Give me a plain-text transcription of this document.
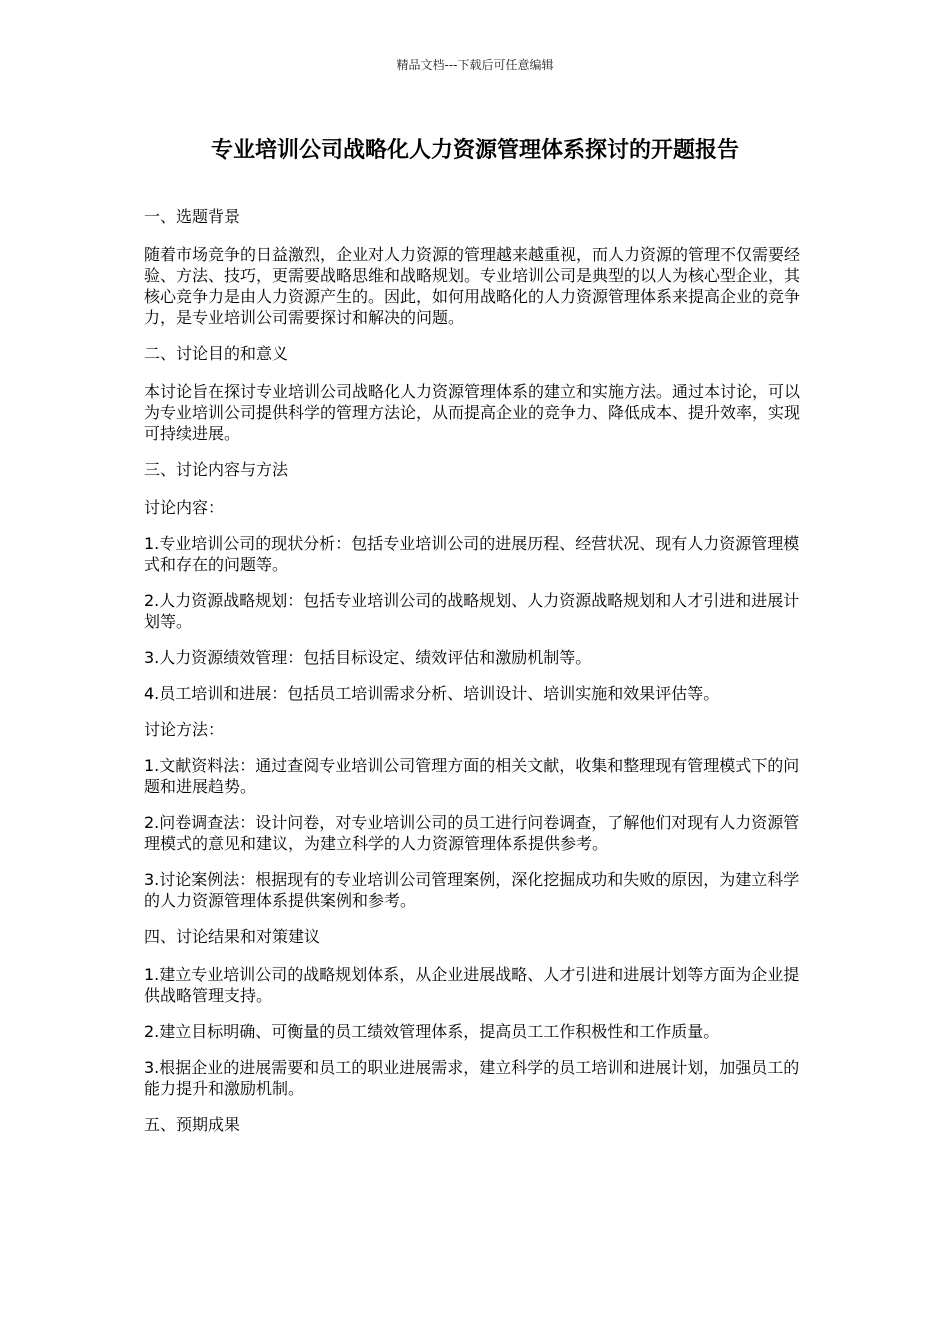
精品文档---下载后可任意编辑
专业培训公司战略化人力资源管理体系探讨的开题报告

一、选题背景

随着市场竞争的日益激烈，企业对人力资源的管理越来越重视，而人力资源的管理不仅需要经验、方法、技巧，更需要战略思维和战略规划。专业培训公司是典型的以人为核心型企业，其核心竞争力是由人力资源产生的。因此，如何用战略化的人力资源管理体系来提高企业的竞争力，是专业培训公司需要探讨和解决的问题。

二、讨论目的和意义

本讨论旨在探讨专业培训公司战略化人力资源管理体系的建立和实施方法。通过本讨论，可以为专业培训公司提供科学的管理方法论，从而提高企业的竞争力、降低成本、提升效率，实现可持续进展。

三、讨论内容与方法

讨论内容：

1.专业培训公司的现状分析：包括专业培训公司的进展历程、经营状况、现有人力资源管理模式和存在的问题等。

2.人力资源战略规划：包括专业培训公司的战略规划、人力资源战略规划和人才引进和进展计划等。

3.人力资源绩效管理：包括目标设定、绩效评估和激励机制等。

4.员工培训和进展：包括员工培训需求分析、培训设计、培训实施和效果评估等。

讨论方法：

1.文献资料法：通过查阅专业培训公司管理方面的相关文献，收集和整理现有管理模式下的问题和进展趋势。

2.问卷调查法：设计问卷，对专业培训公司的员工进行问卷调查，了解他们对现有人力资源管理模式的意见和建议，为建立科学的人力资源管理体系提供参考。

3.讨论案例法：根据现有的专业培训公司管理案例，深化挖掘成功和失败的原因，为建立科学的人力资源管理体系提供案例和参考。

四、讨论结果和对策建议

1.建立专业培训公司的战略规划体系，从企业进展战略、人才引进和进展计划等方面为企业提供战略管理支持。

2.建立目标明确、可衡量的员工绩效管理体系，提高员工工作积极性和工作质量。

3.根据企业的进展需要和员工的职业进展需求，建立科学的员工培训和进展计划，加强员工的能力提升和激励机制。

五、预期成果
